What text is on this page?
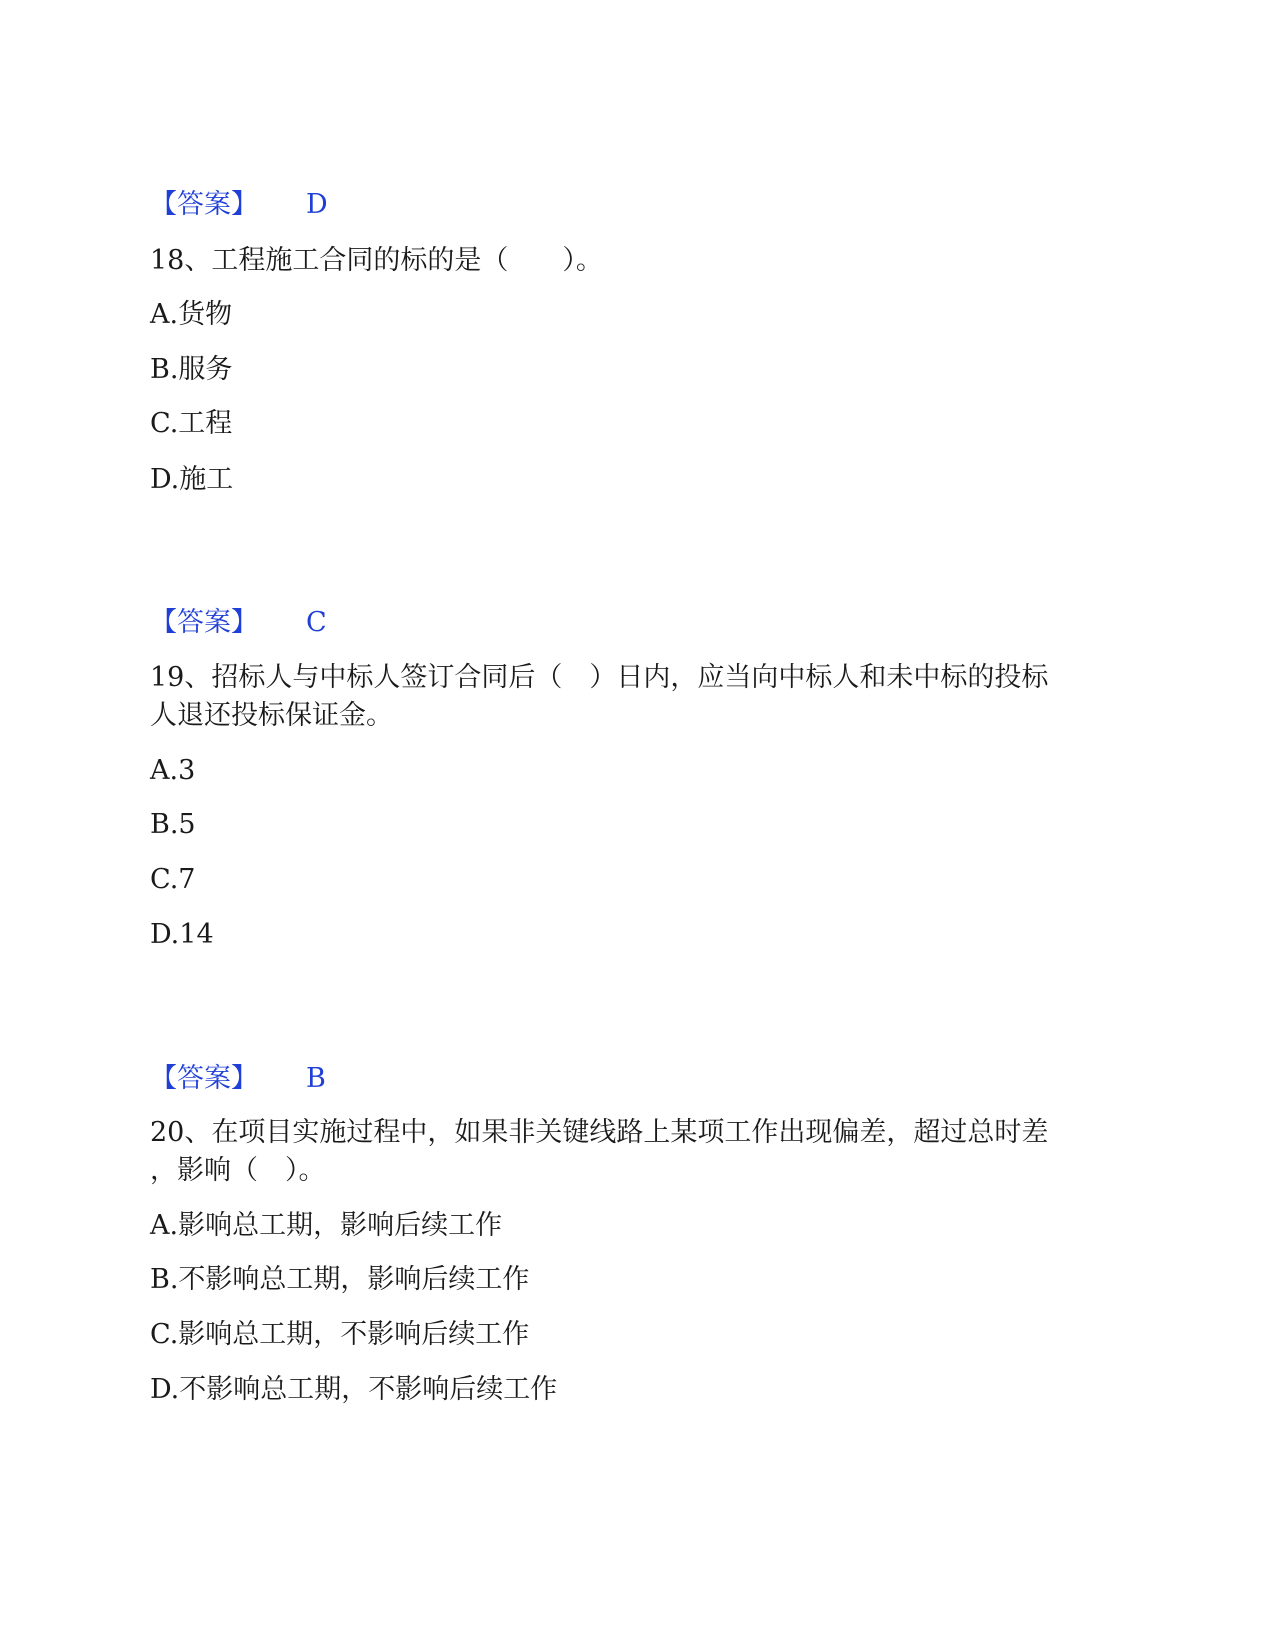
【答案】 D
18、工程施工合同的标的是（　　）。
A.货物
B.服务
C.工程
D.施工
【答案】 C
19、招标人与中标人签订合同后（　）日内，应当向中标人和未中标的投标
人退还投标保证金。
A.3
B.5
C.7
D.14
【答案】 B
20、在项目实施过程中，如果非关键线路上某项工作出现偏差，超过总时差
，影响（　）。
A.影响总工期，影响后续工作
B.不影响总工期，影响后续工作
C.影响总工期，不影响后续工作
D.不影响总工期，不影响后续工作
